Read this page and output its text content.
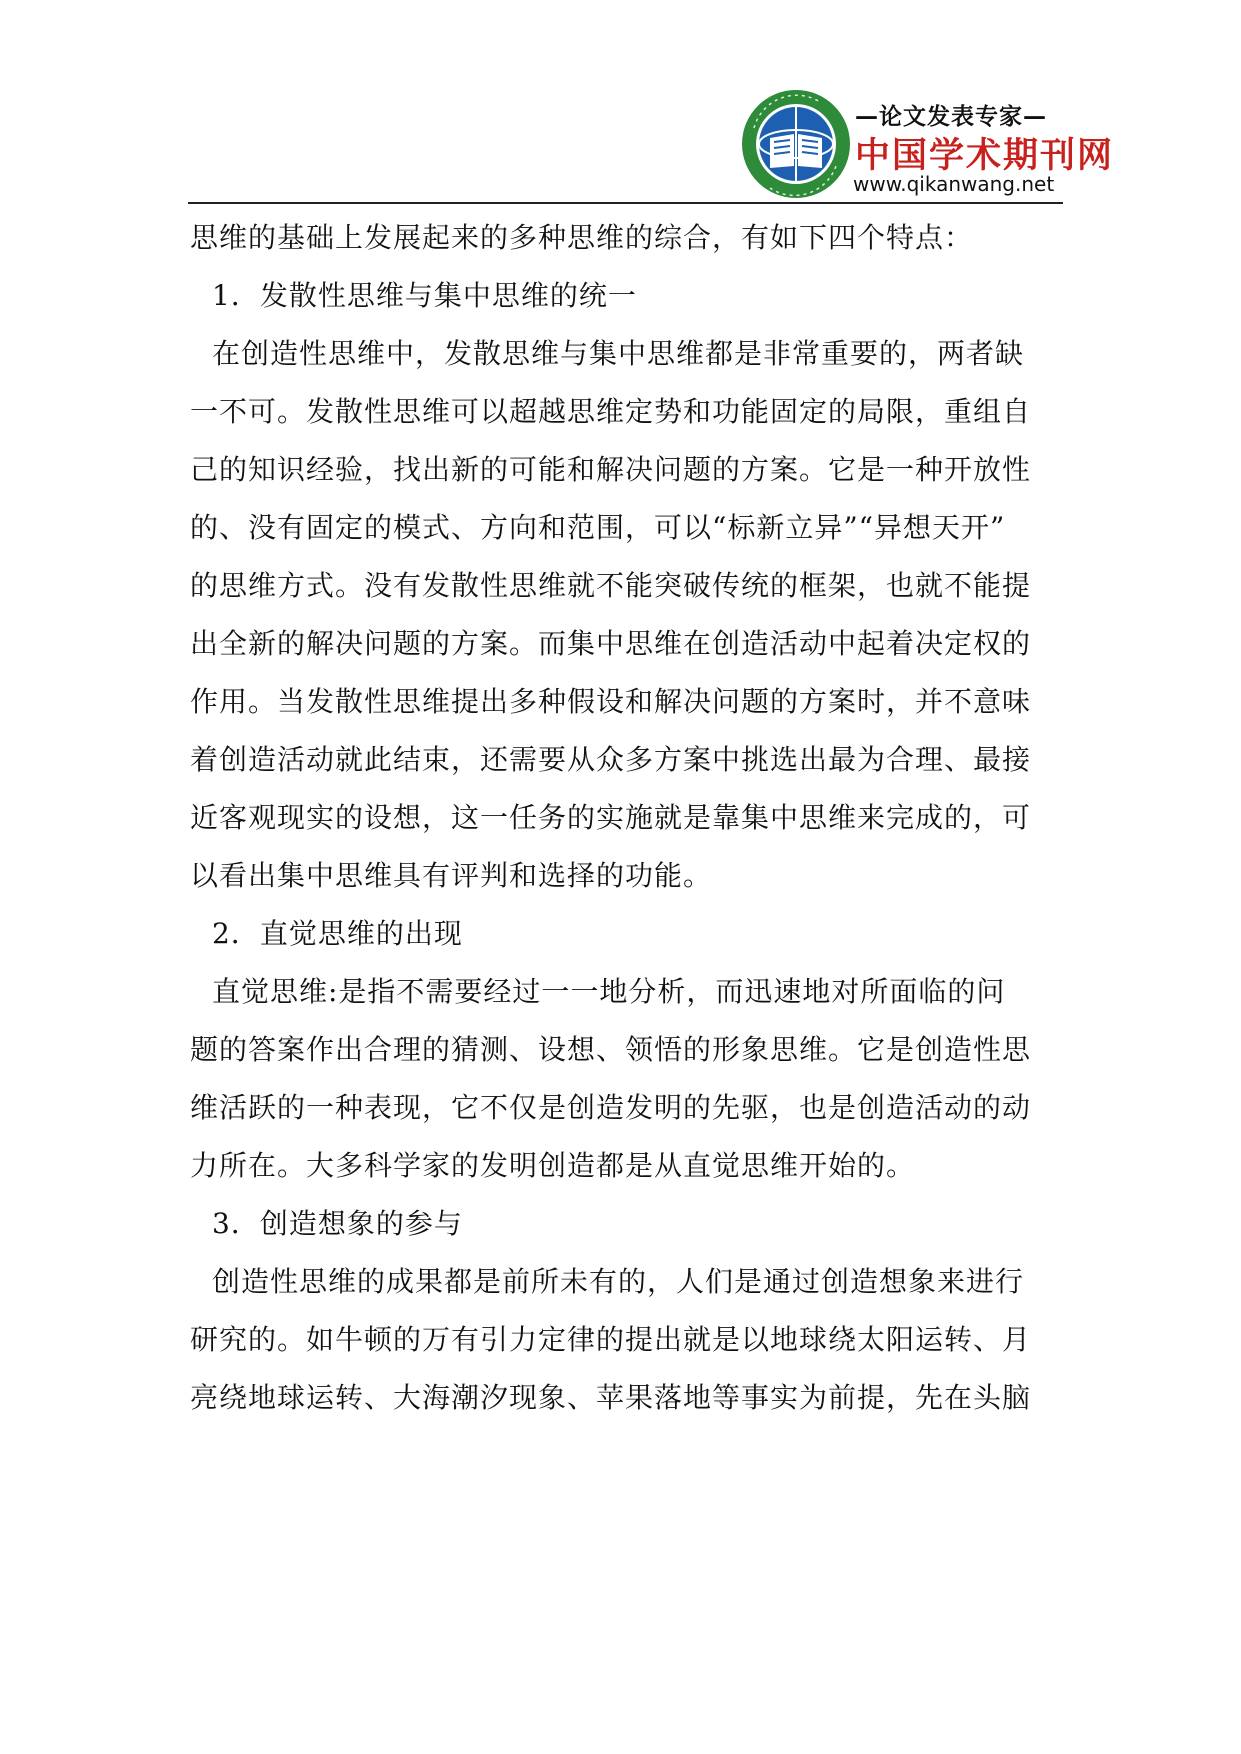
—论文发表专家—
中国学术期刊网
www.qikanwang.net
思维的基础上发展起来的多种思维的综合，有如下四个特点：
1．发散性思维与集中思维的统一
在创造性思维中，发散思维与集中思维都是非常重要的，两者缺
一不可。发散性思维可以超越思维定势和功能固定的局限，重组自
己的知识经验，找出新的可能和解决问题的方案。它是一种开放性
的、没有固定的模式、方向和范围，可以“标新立异”“异想天开”
的思维方式。没有发散性思维就不能突破传统的框架，也就不能提
出全新的解决问题的方案。而集中思维在创造活动中起着决定权的
作用。当发散性思维提出多种假设和解决问题的方案时，并不意味
着创造活动就此结束，还需要从众多方案中挑选出最为合理、最接
近客观现实的设想，这一任务的实施就是靠集中思维来完成的，可
以看出集中思维具有评判和选择的功能。
2．直觉思维的出现
直觉思维:是指不需要经过一一地分析，而迅速地对所面临的问
题的答案作出合理的猜测、设想、领悟的形象思维。它是创造性思
维活跃的一种表现，它不仅是创造发明的先驱，也是创造活动的动
力所在。大多科学家的发明创造都是从直觉思维开始的。
3．创造想象的参与
创造性思维的成果都是前所未有的，人们是通过创造想象来进行
研究的。如牛顿的万有引力定律的提出就是以地球绕太阳运转、月
亮绕地球运转、大海潮汐现象、苹果落地等事实为前提，先在头脑
